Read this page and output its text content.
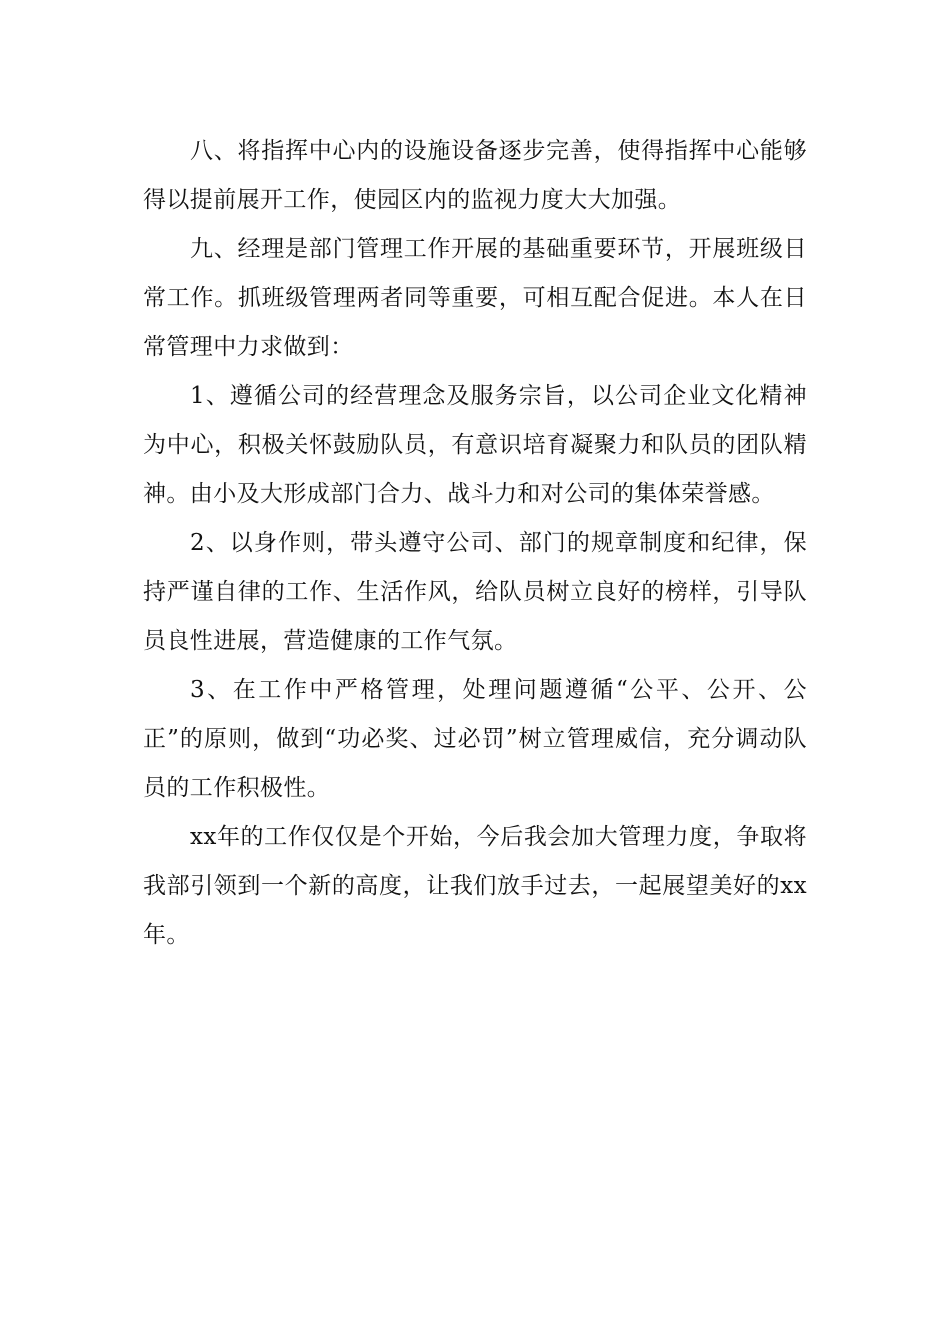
八、将指挥中心内的设施设备逐步完善，使得指挥中心能够得以提前展开工作，使园区内的监视力度大大加强。

九、经理是部门管理工作开展的基础重要环节，开展班级日常工作。抓班级管理两者同等重要，可相互配合促进。本人在日常管理中力求做到：

1、遵循公司的经营理念及服务宗旨，以公司企业文化精神为中心，积极关怀鼓励队员，有意识培育凝聚力和队员的团队精神。由小及大形成部门合力、战斗力和对公司的集体荣誉感。

2、以身作则，带头遵守公司、部门的规章制度和纪律，保持严谨自律的工作、生活作风，给队员树立良好的榜样，引导队员良性进展，营造健康的工作气氛。

3、在工作中严格管理，处理问题遵循“公平、公开、公正”的原则，做到“功必奖、过必罚”树立管理威信，充分调动队员的工作积极性。

xx年的工作仅仅是个开始，今后我会加大管理力度，争取将我部引领到一个新的高度，让我们放手过去，一起展望美好的xx年。
